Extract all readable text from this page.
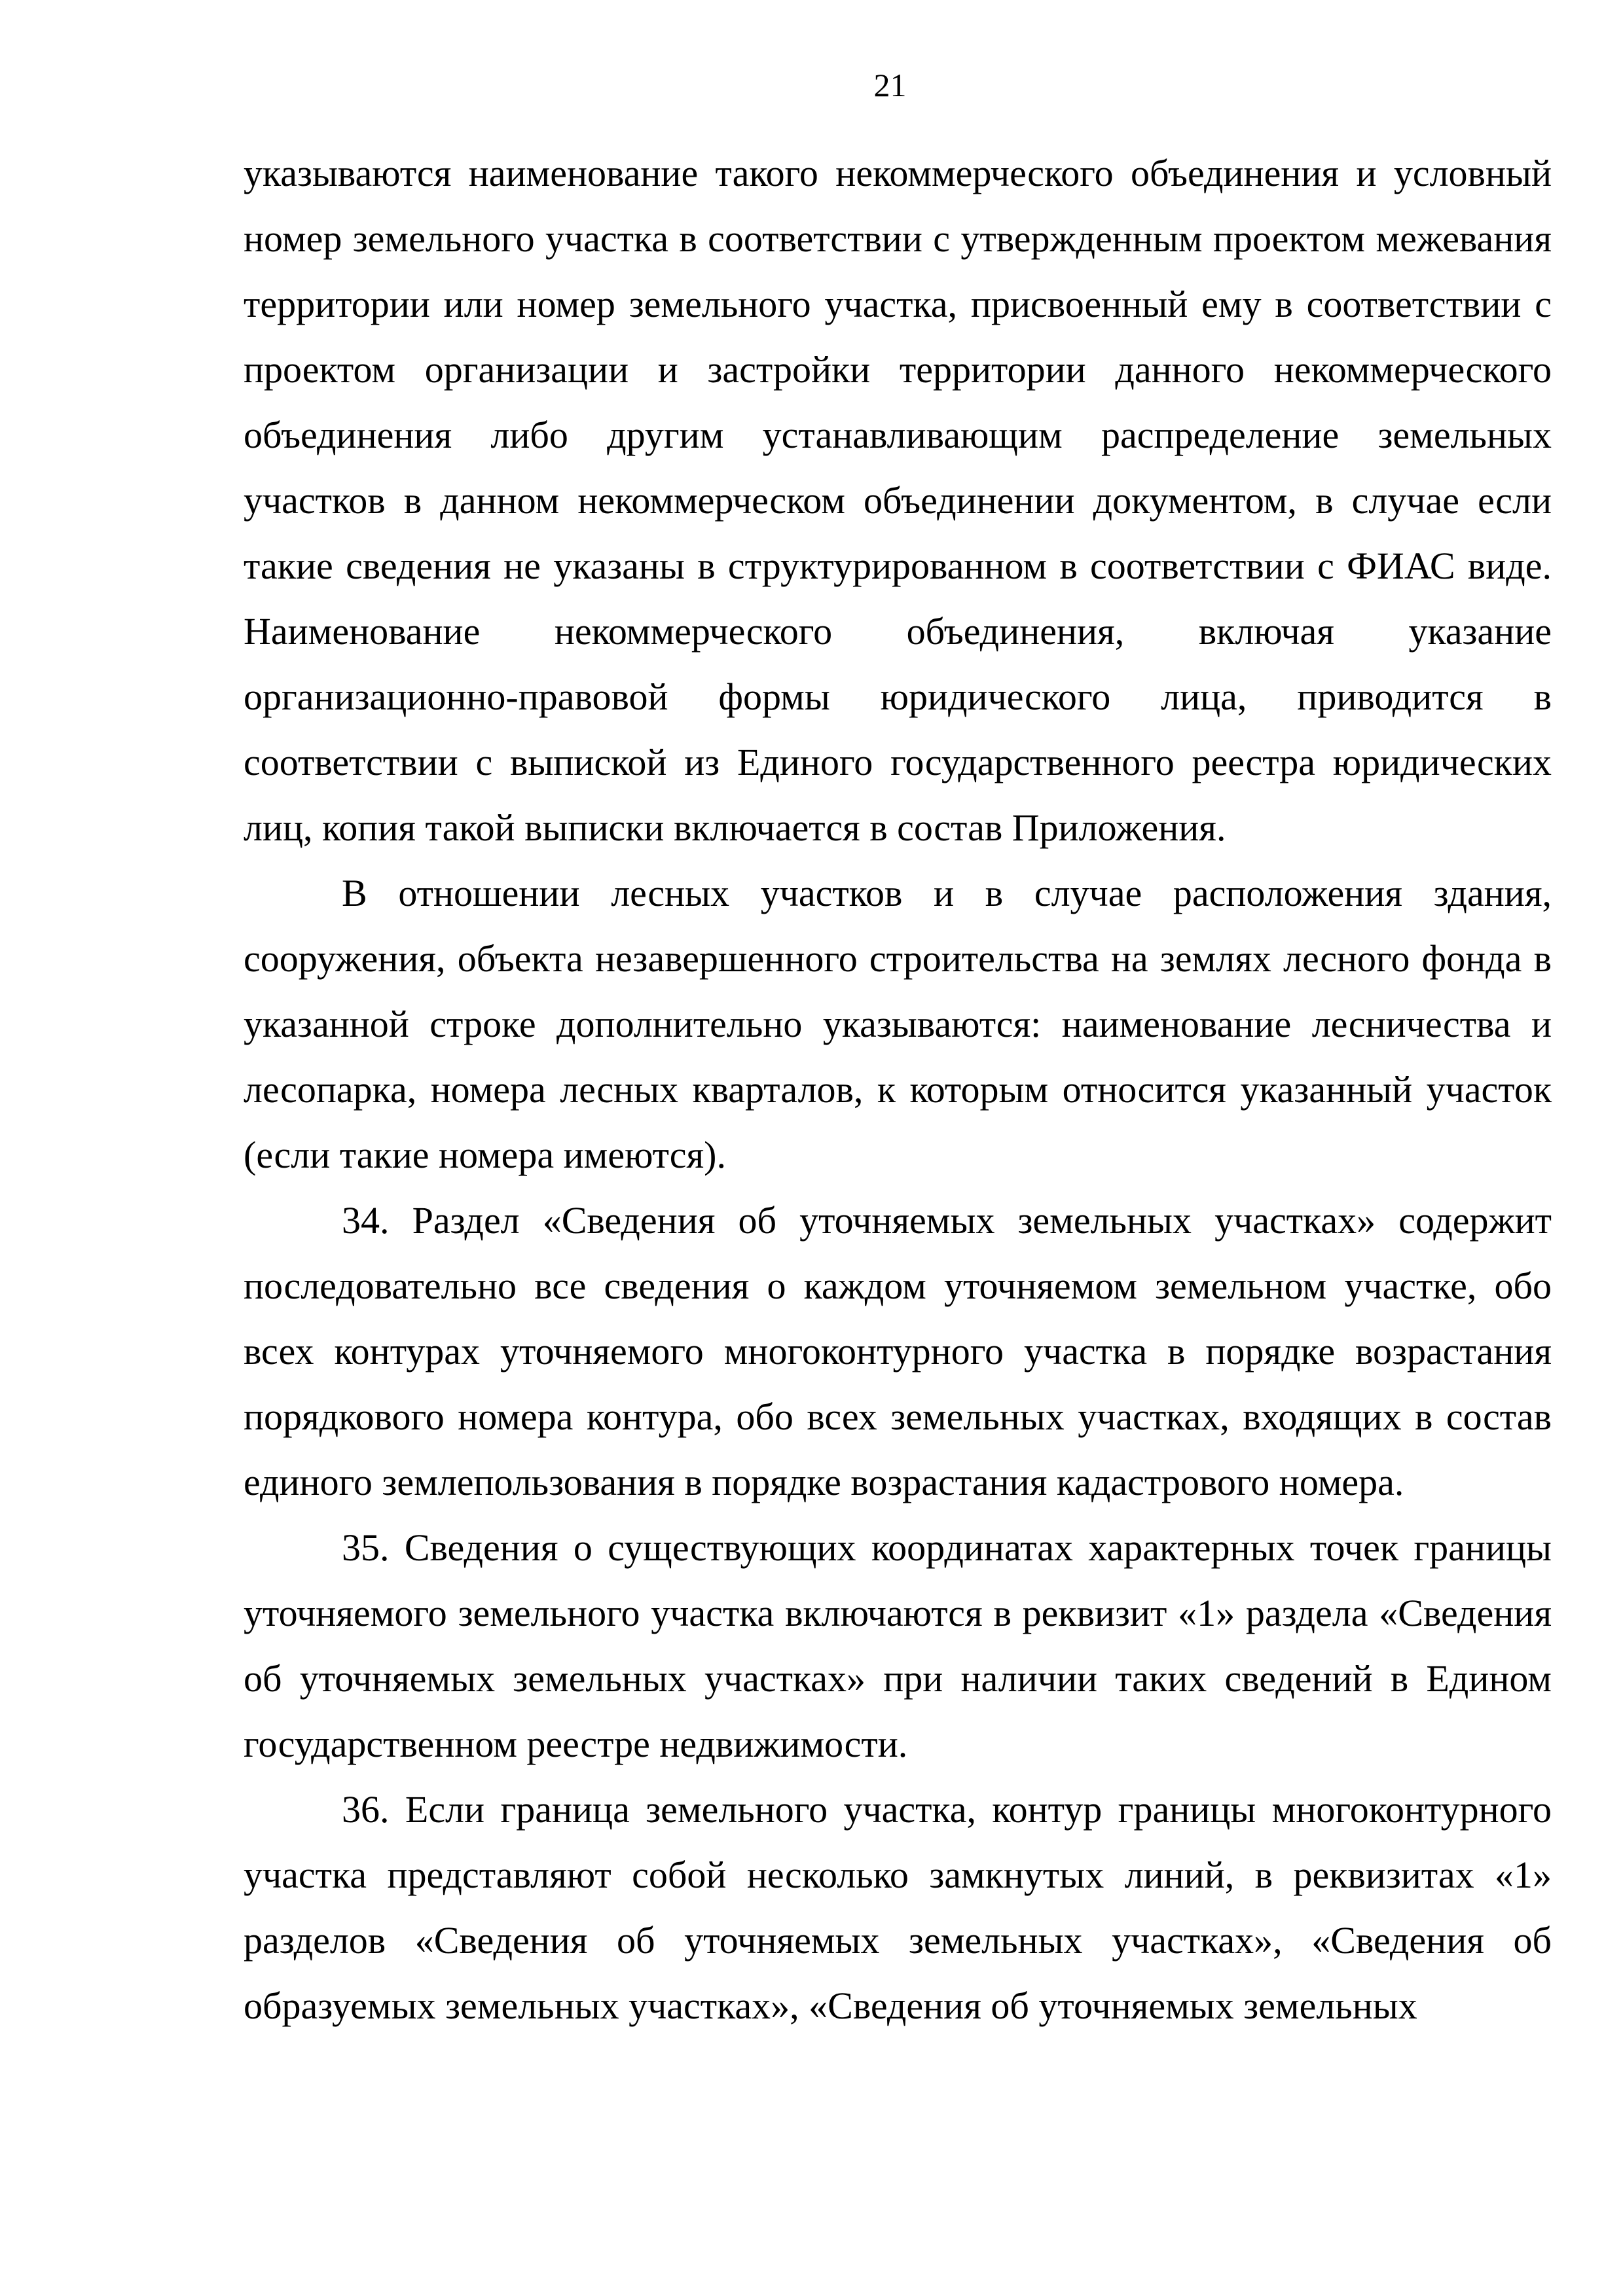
21

указываются наименование такого некоммерческого объединения и условный номер земельного участка в соответствии с утвержденным проектом межевания территории или номер земельного участка, присвоенный ему в соответствии с проектом организации и застройки территории данного некоммерческого объединения либо другим устанавливающим распределение земельных участков в данном некоммерческом объединении документом, в случае если такие сведения не указаны в структурированном в соответствии с ФИАС виде. Наименование некоммерческого объединения, включая указание организационно-правовой формы юридического лица, приводится в соответствии с выпиской из Единого государственного реестра юридических лиц, копия такой выписки включается в состав Приложения.

В отношении лесных участков и в случае расположения здания, сооружения, объекта незавершенного строительства на землях лесного фонда в указанной строке дополнительно указываются: наименование лесничества и лесопарка, номера лесных кварталов, к которым относится указанный участок (если такие номера имеются).

34. Раздел «Сведения об уточняемых земельных участках» содержит последовательно все сведения о каждом уточняемом земельном участке, обо всех контурах уточняемого многоконтурного участка в порядке возрастания порядкового номера контура, обо всех земельных участках, входящих в состав единого землепользования в порядке возрастания кадастрового номера.

35. Сведения о существующих координатах характерных точек границы уточняемого земельного участка включаются в реквизит «1» раздела «Сведения об уточняемых земельных участках» при наличии таких сведений в Едином государственном реестре недвижимости.

36. Если граница земельного участка, контур границы многоконтурного участка представляют собой несколько замкнутых линий, в реквизитах «1» разделов «Сведения об уточняемых земельных участках», «Сведения об образуемых земельных участках», «Сведения об уточняемых земельных
